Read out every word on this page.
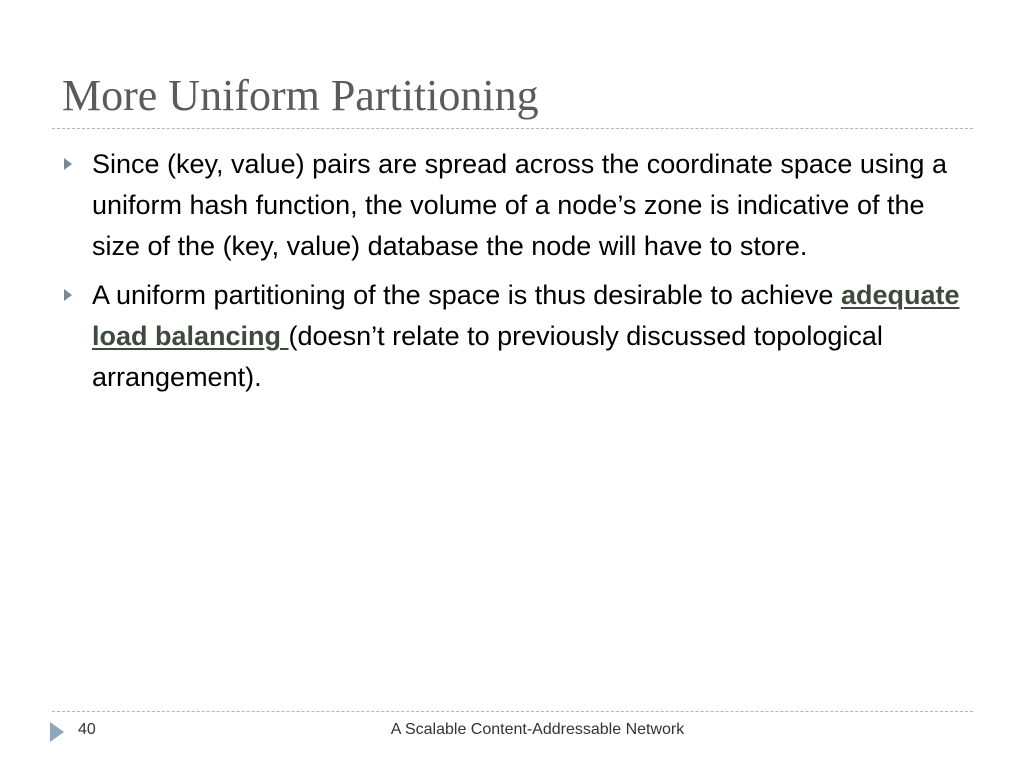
More Uniform Partitioning
Since (key, value) pairs are spread across the coordinate space using a uniform hash function, the volume of a node’s zone is indicative of the size of the (key, value) database the node will have to store.
A uniform partitioning of the space is thus desirable to achieve adequate load balancing (doesn’t relate to previously discussed topological arrangement).
40	A Scalable Content-Addressable Network
